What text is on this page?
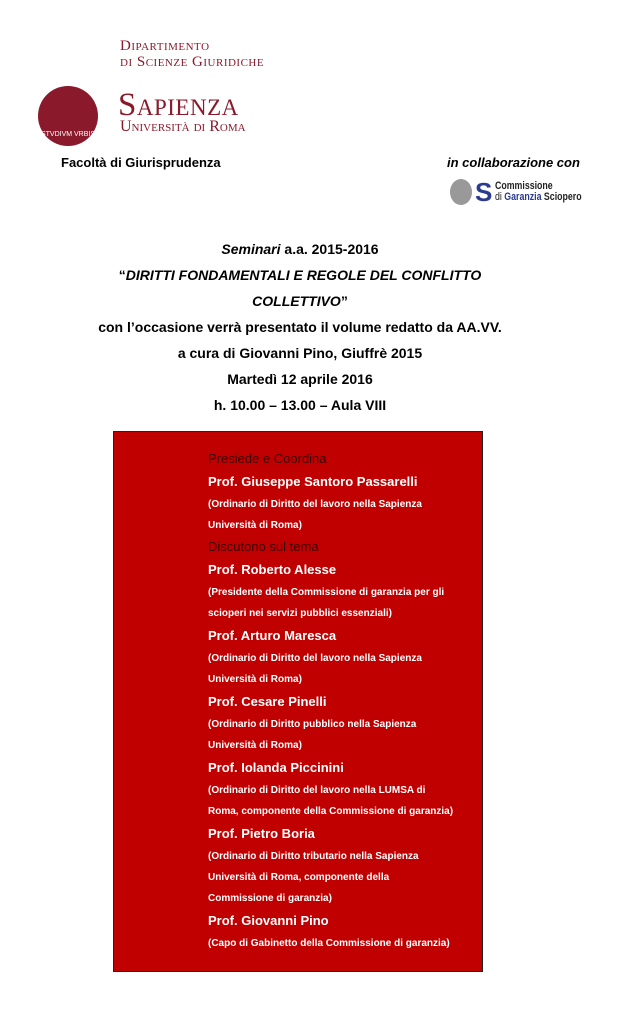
Dipartimento
di Scienze Giuridiche
STVDIVM VRBIS
Sapienza
Università di Roma
Facoltà di Giurisprudenza	in collaborazione con
S Commissione
di Garanzia Sciopero
Seminari a.a. 2015-2016
“DIRITTI FONDAMENTALI E REGOLE DEL CONFLITTO
COLLETTIVO”
con l’occasione verrà presentato il volume redatto da AA.VV.
a cura di Giovanni Pino, Giuffrè 2015
Martedì 12 aprile 2016
h. 10.00 – 13.00 – Aula VIII
Presiede e Coordina
Prof. Giuseppe Santoro Passarelli
(Ordinario di Diritto del lavoro nella Sapienza
Università di Roma)
Discutono sul tema
Prof. Roberto Alesse
(Presidente della Commissione di garanzia per gli
scioperi nei servizi pubblici essenziali)
Prof. Arturo Maresca
(Ordinario di Diritto del lavoro nella Sapienza
Università di Roma)
Prof. Cesare Pinelli
(Ordinario di Diritto pubblico nella Sapienza
Università di Roma)
Prof. Iolanda Piccinini
(Ordinario di Diritto del lavoro nella LUMSA di
Roma, componente della Commissione di garanzia)
Prof. Pietro Boria
(Ordinario di Diritto tributario nella Sapienza
Università di Roma, componente della
Commissione di garanzia)
Prof. Giovanni Pino
(Capo di Gabinetto della Commissione di garanzia)
